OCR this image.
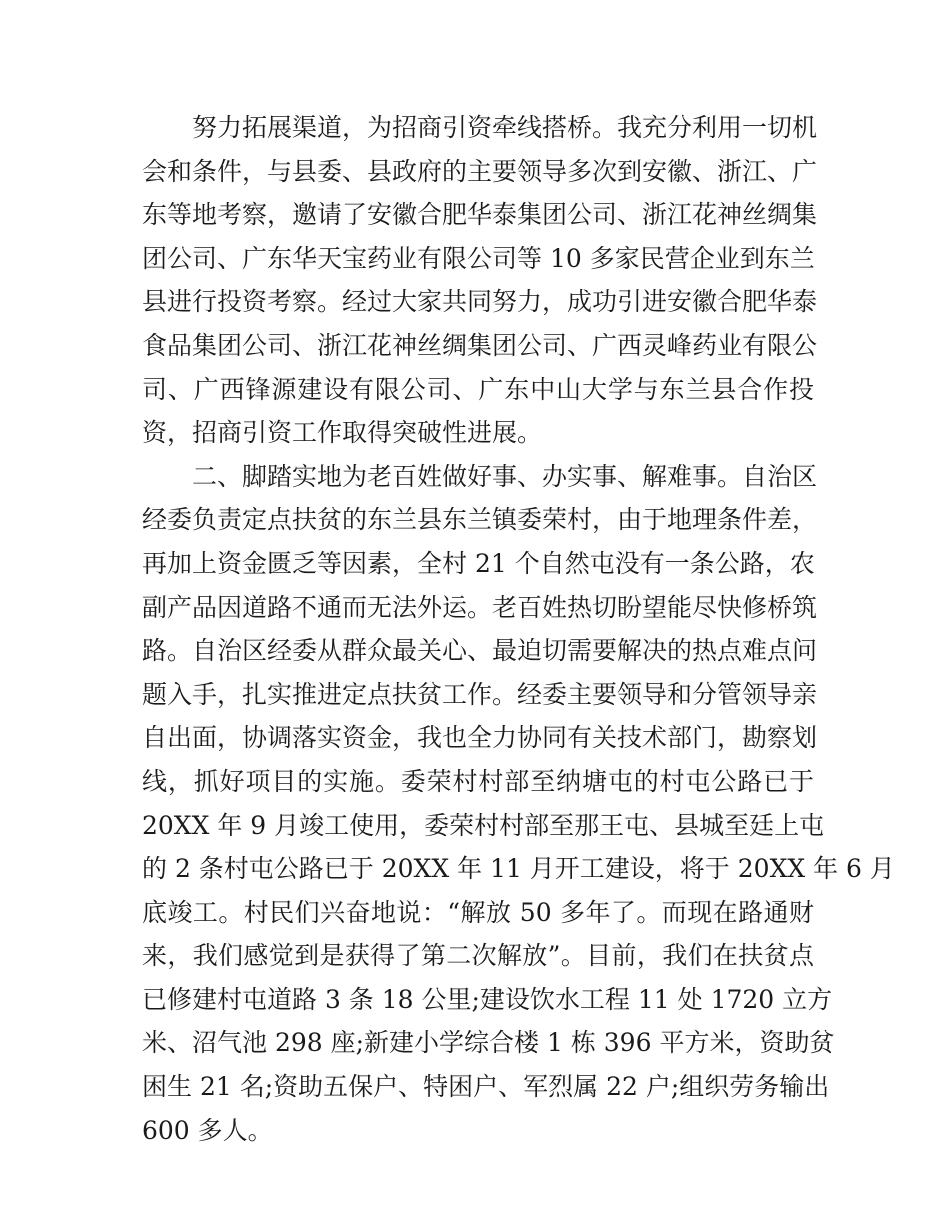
努力拓展渠道，为招商引资牵线搭桥。我充分利用一切机
会和条件，与县委、县政府的主要领导多次到安徽、浙江、广
东等地考察，邀请了安徽合肥华泰集团公司、浙江花神丝绸集
团公司、广东华天宝药业有限公司等 10 多家民营企业到东兰
县进行投资考察。经过大家共同努力，成功引进安徽合肥华泰
食品集团公司、浙江花神丝绸集团公司、广西灵峰药业有限公
司、广西锋源建设有限公司、广东中山大学与东兰县合作投
资，招商引资工作取得突破性进展。
二、脚踏实地为老百姓做好事、办实事、解难事。自治区
经委负责定点扶贫的东兰县东兰镇委荣村，由于地理条件差，
再加上资金匮乏等因素，全村 21 个自然屯没有一条公路，农
副产品因道路不通而无法外运。老百姓热切盼望能尽快修桥筑
路。自治区经委从群众最关心、最迫切需要解决的热点难点问
题入手，扎实推进定点扶贫工作。经委主要领导和分管领导亲
自出面，协调落实资金，我也全力协同有关技术部门，勘察划
线，抓好项目的实施。委荣村村部至纳塘屯的村屯公路已于
20XX 年 9 月竣工使用，委荣村村部至那王屯、县城至廷上屯
的 2 条村屯公路已于 20XX 年 11 月开工建设，将于 20XX 年 6 月
底竣工。村民们兴奋地说：“解放 50 多年了。而现在路通财
来，我们感觉到是获得了第二次解放”。目前，我们在扶贫点
已修建村屯道路 3 条 18 公里;建设饮水工程 11 处 1720 立方
米、沼气池 298 座;新建小学综合楼 1 栋 396 平方米，资助贫
困生 21 名;资助五保户、特困户、军烈属 22 户;组织劳务输出
600 多人。
